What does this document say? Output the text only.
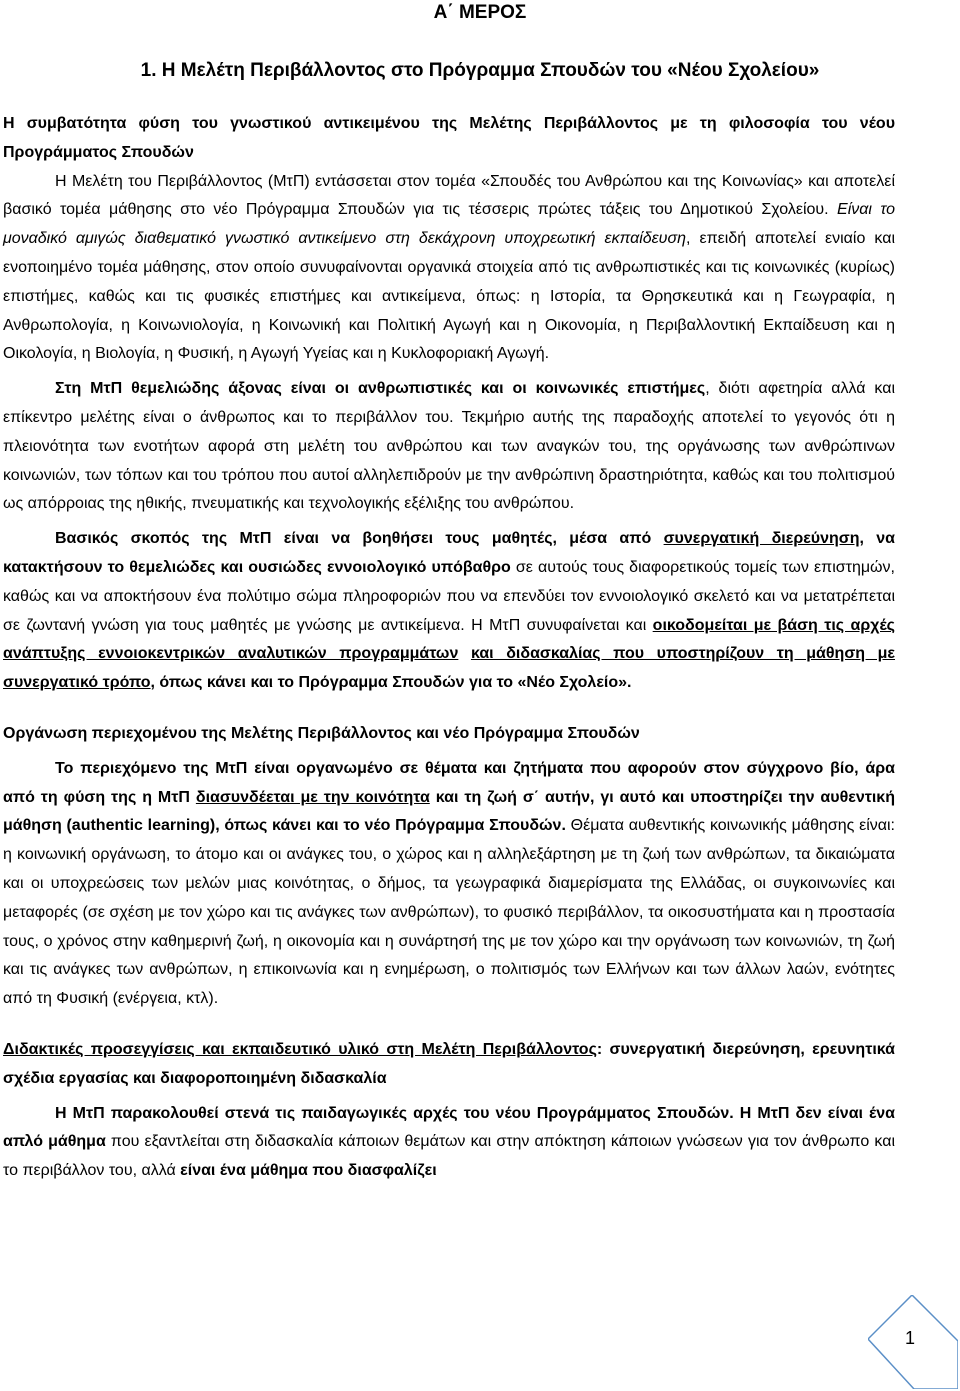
Α΄ ΜΕΡΟΣ
1. Η Μελέτη Περιβάλλοντος στο Πρόγραμμα Σπουδών του «Νέου Σχολείου»

Η συμβατότητα φύση του γνωστικού αντικειμένου της Μελέτης Περιβάλλοντος με τη φιλοσοφία του νέου Προγράμματος Σπουδών

Η Μελέτη του Περιβάλλοντος (ΜτΠ) εντάσσεται στον τομέα «Σπουδές του Ανθρώπου και της Κοινωνίας» και αποτελεί βασικό τομέα μάθησης στο νέο Πρόγραμμα Σπουδών για τις τέσσερις πρώτες τάξεις του Δημοτικού Σχολείου. Είναι το μοναδικό αμιγώς διαθεματικό γνωστικό αντικείμενο στη δεκάχρονη υποχρεωτική εκπαίδευση, επειδή αποτελεί ενιαίο και ενοποιημένο τομέα μάθησης, στον οποίο συνυφαίνονται οργανικά στοιχεία από τις ανθρωπιστικές και τις κοινωνικές (κυρίως) επιστήμες, καθώς και τις φυσικές επιστήμες και αντικείμενα, όπως: η Ιστορία, τα Θρησκευτικά και η Γεωγραφία, η Ανθρωπολογία, η Κοινωνιολογία, η Κοινωνική και Πολιτική Αγωγή και η Οικονομία, η Περιβαλλοντική Εκπαίδευση και η Οικολογία, η Βιολογία, η Φυσική, η Αγωγή Υγείας και η Κυκλοφοριακή Αγωγή.

Στη ΜτΠ θεμελιώδης άξονας είναι οι ανθρωπιστικές και οι κοινωνικές επιστήμες, διότι αφετηρία αλλά και επίκεντρο μελέτης είναι ο άνθρωπος και το περιβάλλον του. Τεκμήριο αυτής της παραδοχής αποτελεί το γεγονός ότι η πλειονότητα των ενοτήτων αφορά στη μελέτη του ανθρώπου και των αναγκών του, της οργάνωσης των ανθρώπινων κοινωνιών, των τόπων και του τρόπου που αυτοί αλληλεπιδρούν με την ανθρώπινη δραστηριότητα, καθώς και του πολιτισμού ως απόρροιας της ηθικής, πνευματικής και τεχνολογικής εξέλιξης του ανθρώπου.

Βασικός σκοπός της ΜτΠ είναι να βοηθήσει τους μαθητές, μέσα από συνεργατική διερεύνηση, να κατακτήσουν το θεμελιώδες και ουσιώδες εννοιολογικό υπόβαθρο σε αυτούς τους διαφορετικούς τομείς των επιστημών, καθώς και να αποκτήσουν ένα πολύτιμο σώμα πληροφοριών που να επενδύει τον εννοιολογικό σκελετό και να μετατρέπεται σε ζωντανή γνώση για τους μαθητές με γνώσης με αντικείμενα. Η ΜτΠ συνυφαίνεται και οικοδομείται με βάση τις αρχές ανάπτυξης εννοιοκεντρικών αναλυτικών προγραμμάτων και διδασκαλίας που υποστηρίζουν τη μάθηση με συνεργατικό τρόπο, όπως κάνει και το Πρόγραμμα Σπουδών για το «Νέο Σχολείο».

Οργάνωση περιεχομένου της Μελέτης Περιβάλλοντος και νέο Πρόγραμμα Σπουδών

Το περιεχόμενο της ΜτΠ είναι οργανωμένο σε θέματα και ζητήματα που αφορούν στον σύγχρονο βίο, άρα από τη φύση της η ΜτΠ διασυνδέεται με την κοινότητα και τη ζωή σ΄ αυτήν, γι αυτό και υποστηρίζει την αυθεντική μάθηση (authentic learning), όπως κάνει και το νέο Πρόγραμμα Σπουδών. Θέματα αυθεντικής κοινωνικής μάθησης είναι: η κοινωνική οργάνωση, το άτομο και οι ανάγκες του, ο χώρος και η αλληλεξάρτηση με τη ζωή των ανθρώπων, τα δικαιώματα και οι υποχρεώσεις των μελών μιας κοινότητας, ο δήμος, τα γεωγραφικά διαμερίσματα της Ελλάδας, οι συγκοινωνίες και μεταφορές (σε σχέση με τον χώρο και τις ανάγκες των ανθρώπων), το φυσικό περιβάλλον, τα οικοσυστήματα και η προστασία τους, ο χρόνος στην καθημερινή ζωή, η οικονομία και η συνάρτησή της με τον χώρο και την οργάνωση των κοινωνιών, τη ζωή και τις ανάγκες των ανθρώπων, η επικοινωνία και η ενημέρωση, ο πολιτισμός των Ελλήνων και των άλλων λαών, ενότητες από τη Φυσική (ενέργεια, κτλ).

Διδακτικές προσεγγίσεις και εκπαιδευτικό υλικό στη Μελέτη Περιβάλλοντος: συνεργατική διερεύνηση, ερευνητικά σχέδια εργασίας και διαφοροποιημένη διδασκαλία

Η ΜτΠ παρακολουθεί στενά τις παιδαγωγικές αρχές του νέου Προγράμματος Σπουδών. Η ΜτΠ δεν είναι ένα απλό μάθημα που εξαντλείται στη διδασκαλία κάποιων θεμάτων και στην απόκτηση κάποιων γνώσεων για τον άνθρωπο και το περιβάλλον του, αλλά είναι ένα μάθημα που διασφαλίζει

1
